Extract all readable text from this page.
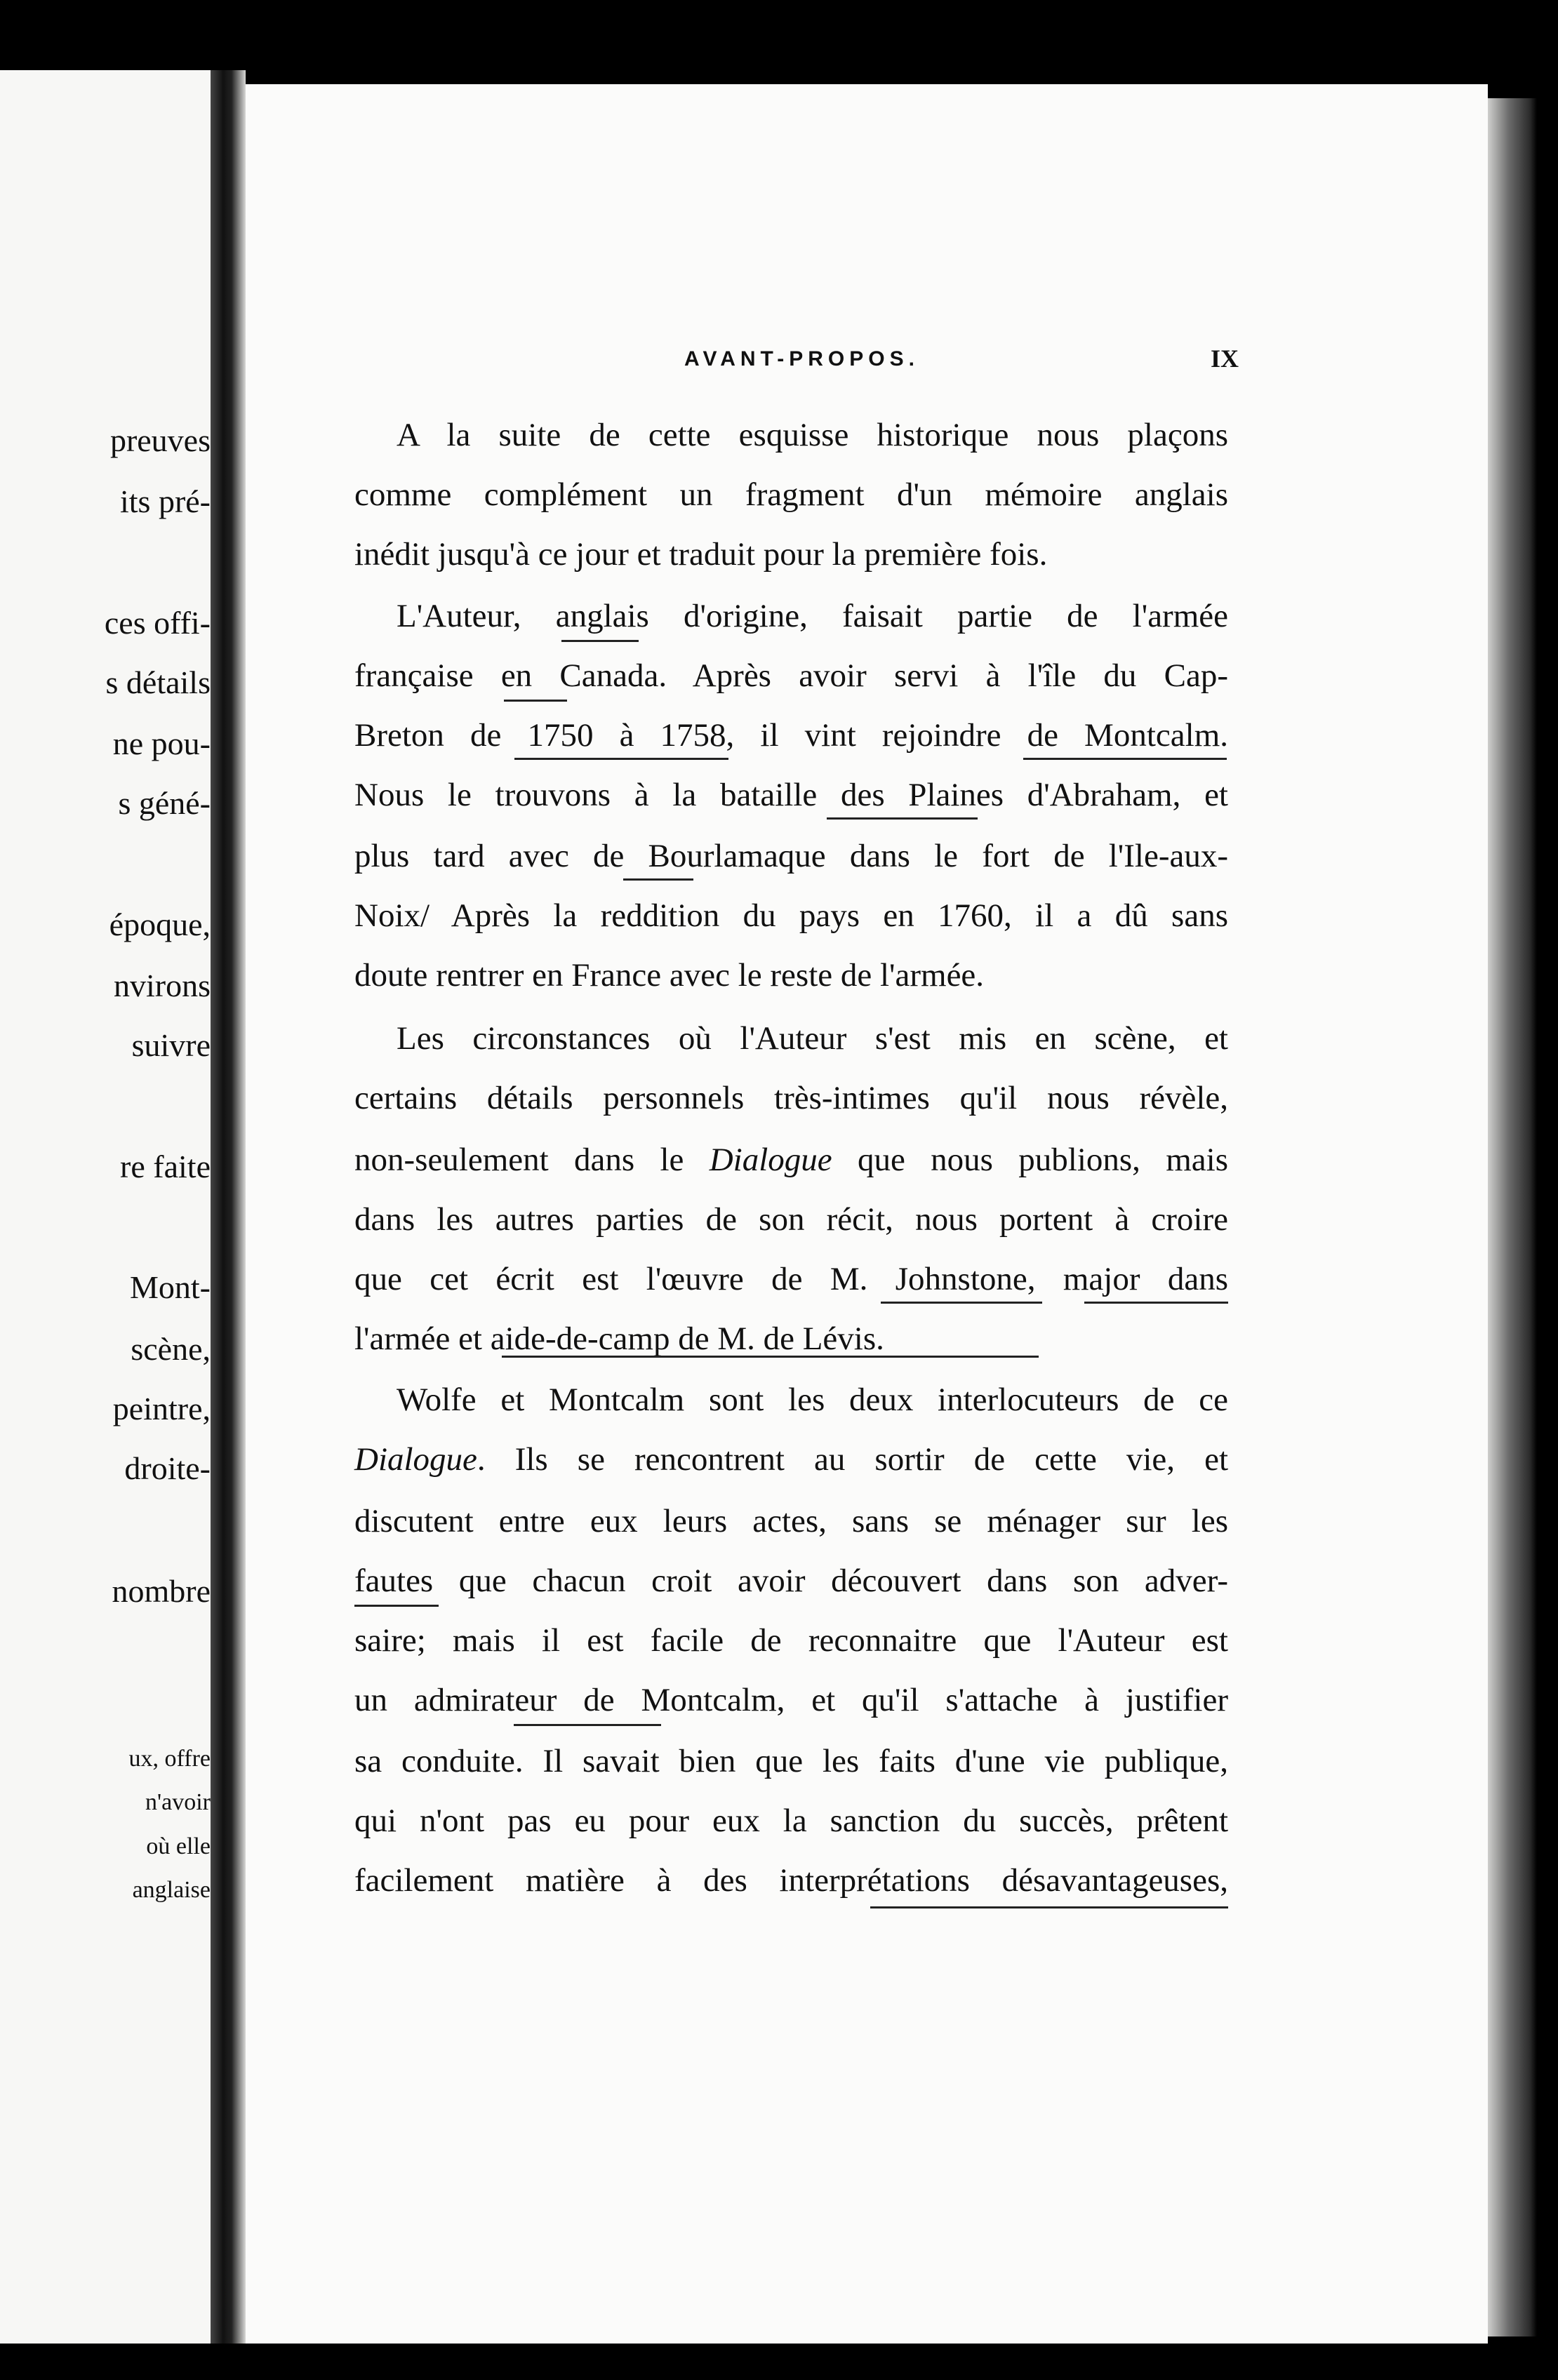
preuves
its pré-
ces offi-
s détails
ne pou-
s géné-
époque,
nvirons
suivre
re faite
Mont-
scène,
peintre,
droite-
nombre
ux, offre
n'avoir
où elle
anglaise
AVANT-PROPOS.	IX
A la suite de cette esquisse historique nous plaçons
comme complément un fragment d'un mémoire anglais
inédit jusqu'à ce jour et traduit pour la première fois.
L'Auteur, anglais d'origine, faisait partie de l'armée
française en Canada. Après avoir servi à l'île du Cap-
Breton de 1750 à 1758, il vint rejoindre de Montcalm.
Nous le trouvons à la bataille des Plaines d'Abraham, et
plus tard avec de Bourlamaque dans le fort de l'Ile-aux-
Noix/ Après la reddition du pays en 1760, il a dû sans
doute rentrer en France avec le reste de l'armée.
Les circonstances où l'Auteur s'est mis en scène, et
certains détails personnels très-intimes qu'il nous révèle,
non-seulement dans le Dialogue que nous publions, mais
dans les autres parties de son récit, nous portent à croire
que cet écrit est l'œuvre de M. Johnstone, major dans
l'armée et aide-de-camp de M. de Lévis.
Wolfe et Montcalm sont les deux interlocuteurs de ce
Dialogue. Ils se rencontrent au sortir de cette vie, et
discutent entre eux leurs actes, sans se ménager sur les
fautes que chacun croit avoir découvert dans son adver-
saire; mais il est facile de reconnaitre que l'Auteur est
un admirateur de Montcalm, et qu'il s'attache à justifier
sa conduite. Il savait bien que les faits d'une vie publique,
qui n'ont pas eu pour eux la sanction du succès, prêtent
facilement matière à des interprétations désavantageuses,
